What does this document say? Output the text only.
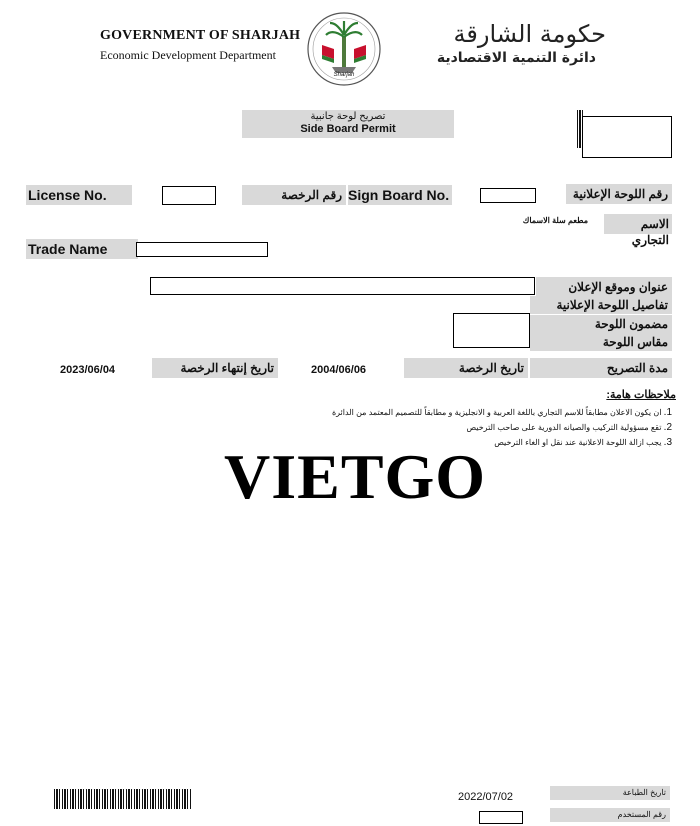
GOVERNMENT OF SHARJAH
Economic Development Department
Sharjah
حكومة الشارقة
دائرة التنمية الاقتصادية
تصريح لوحة جانبية
Side Board Permit
License No.	رقم الرخصة Sign Board No.	رقم اللوحة الإعلانية
مطعم سلة الاسماك	الاسم التجاري
Trade Name
عنوان وموقع الإعلان
تفاصيل اللوحة الإعلانية
مضمون اللوحة
مقاس اللوحة
2023/06/04	تاريخ إنتهاء الرخصة	2004/06/06	تاريخ الرخصة	مدة التصريح
ملاحظات هامة:
1. ان يكون الاعلان مطابقاً للاسم التجاري باللغة العربية و الانجليزية و مطابقاً للتصميم المعتمد من الدائرة
2. تقع مسؤولية التركيب والصيانه الدورية على صاحب الترخيص
3. يجب ازالة اللوحة الاعلانية عند نقل او الغاء الترخيص
VIETGO
2022/07/02	تاريخ الطباعة
رقم المستخدم
